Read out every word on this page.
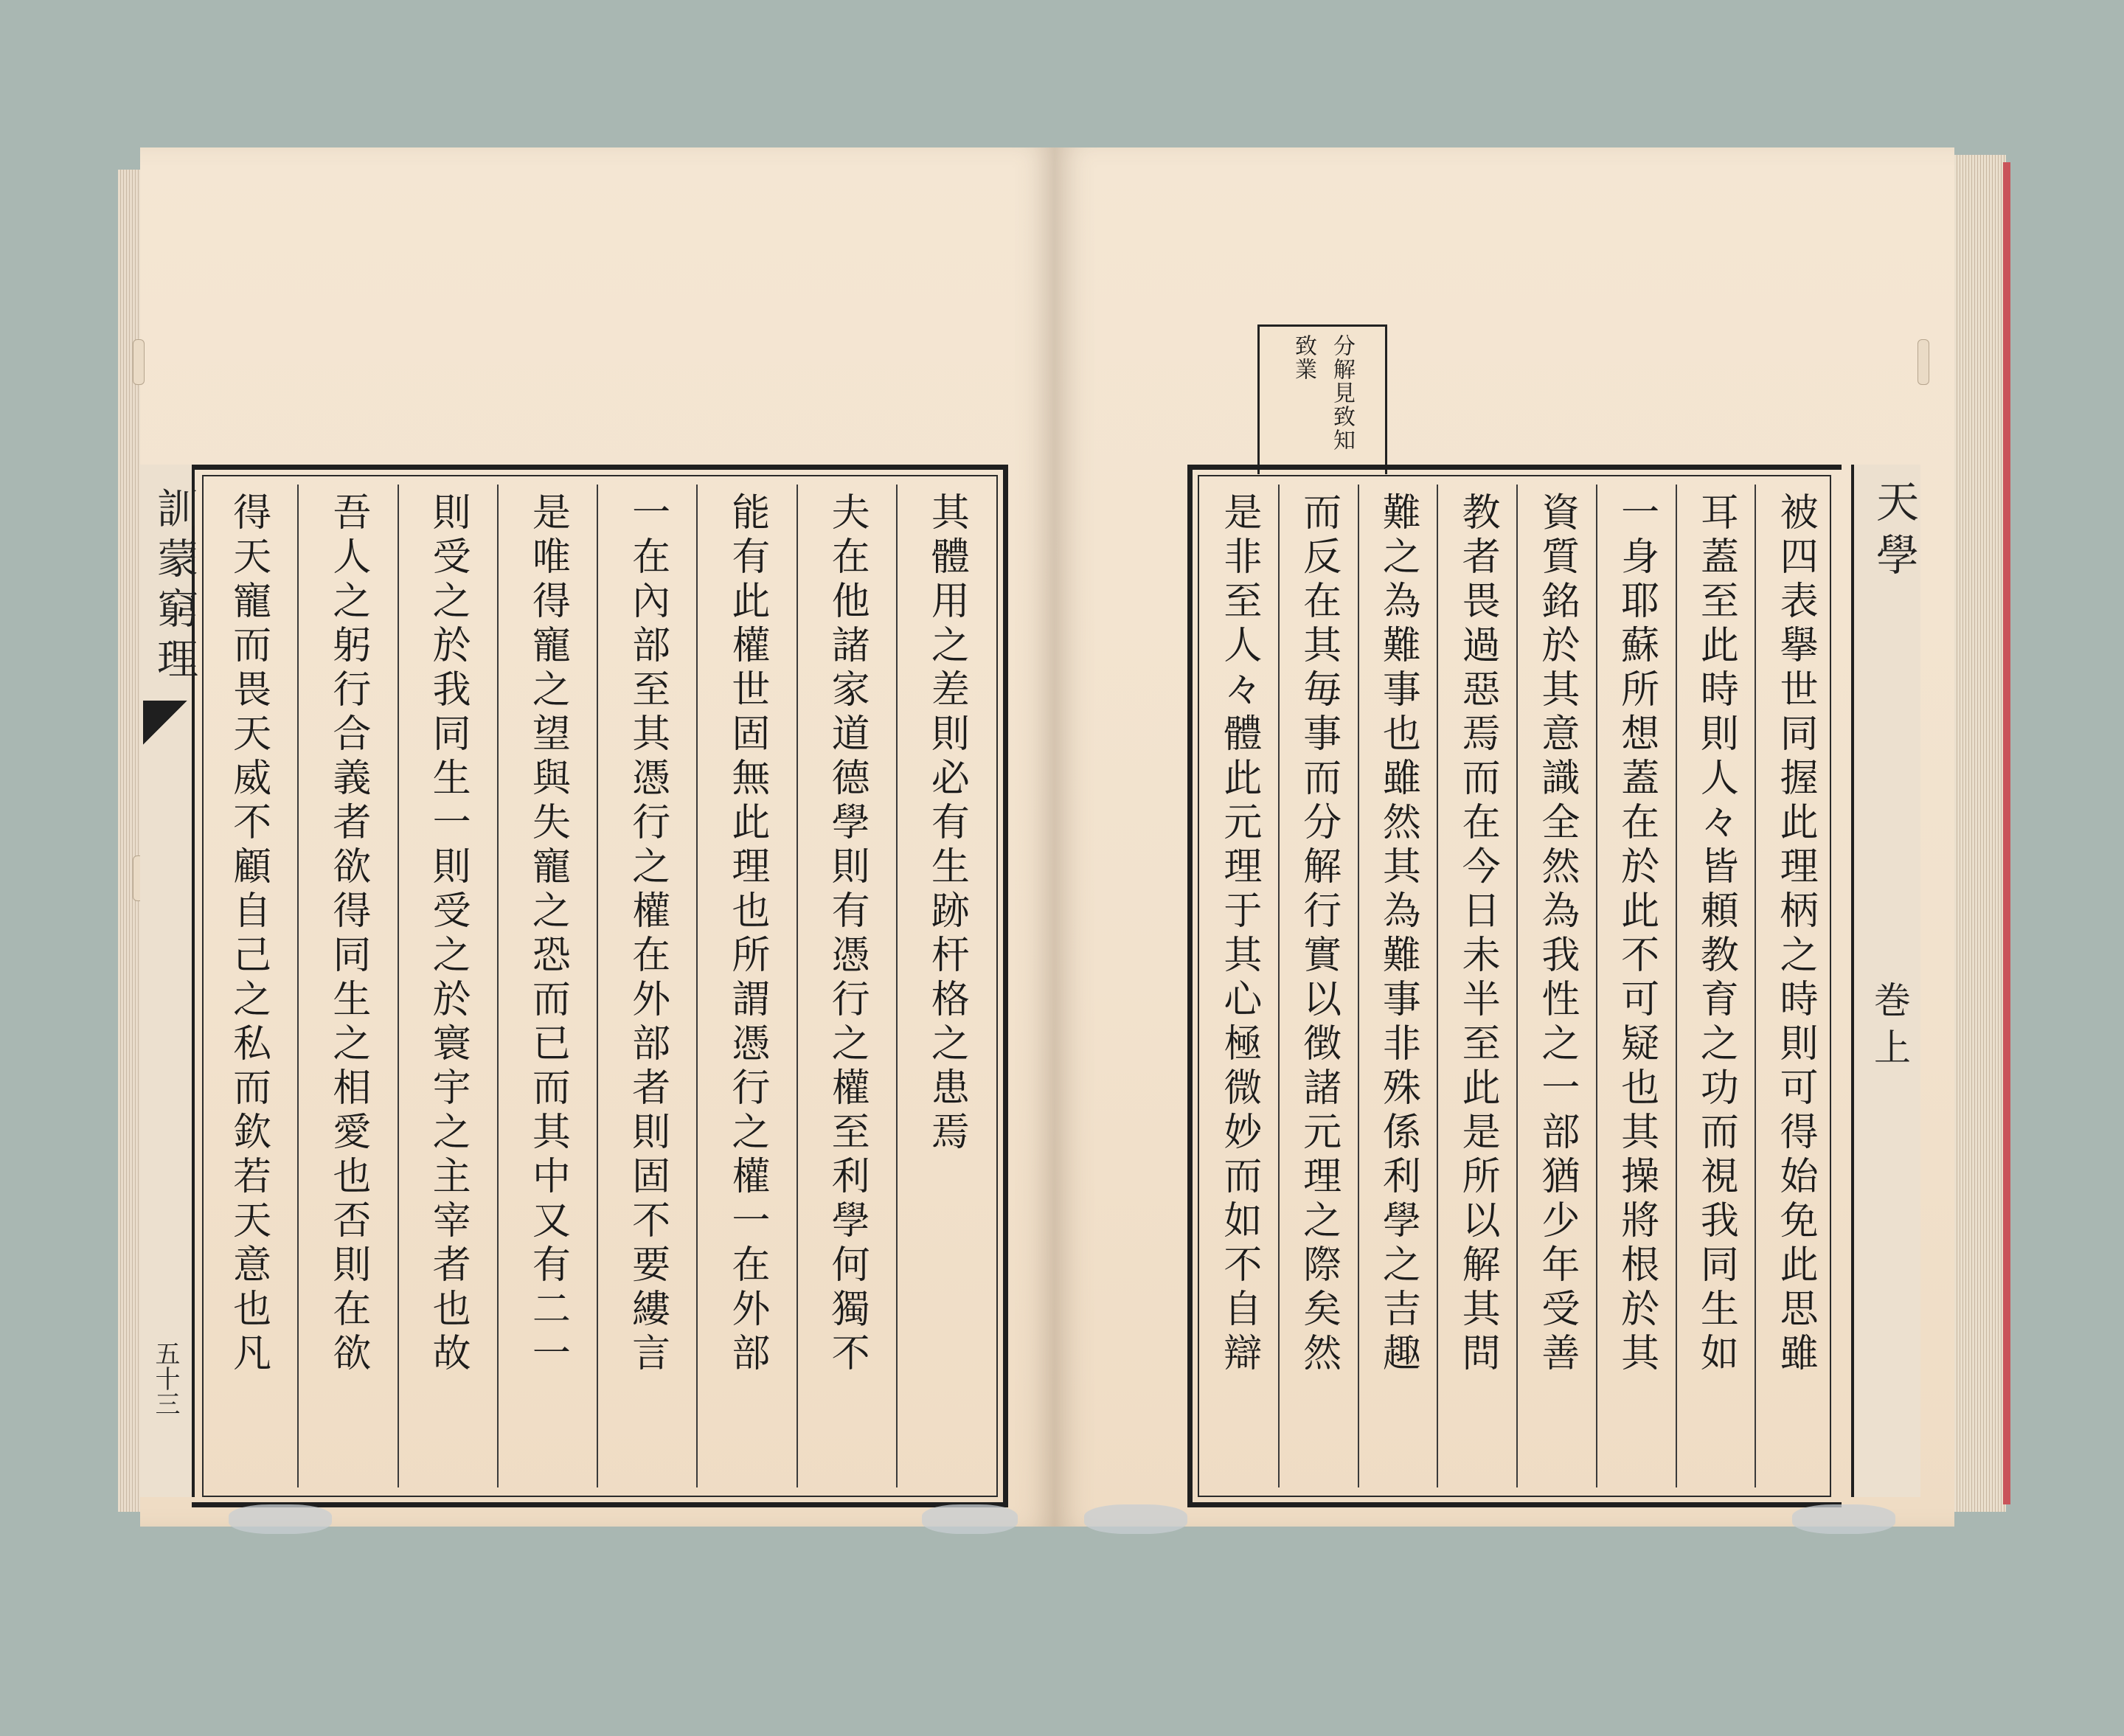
訓蒙窮理
五十三
其體用之差則必有生跡杆格之患焉
夫在他諸家道德學則有憑行之權至利學何獨不
能有此權世固無此理也所謂憑行之權一在外部
一在內部至其憑行之權在外部者則固不要縷言
是唯得寵之望與失寵之恐而已而其中又有二一
則受之於我同生一則受之於寰宇之主宰者也故
吾人之躬行合義者欲得同生之相愛也否則在欲
得天寵而畏天威不顧自己之私而欽若天意也凡
分解見致知
致業
被四表擧世同握此理柄之時則可得始免此思雖
耳蓋至此時則人々皆頼教育之功而視我同生如
一身耶蘇所想蓋在於此不可疑也其操將根於其
資質銘於其意識全然為我性之一部猶少年受善
教者畏過惡焉而在今日未半至此是所以解其問
難之為難事也雖然其為難事非殊係利學之吉趣
而反在其毎事而分解行實以徴諸元理之際矣然
是非至人々體此元理于其心極微妙而如不自辯	天學
巻上
